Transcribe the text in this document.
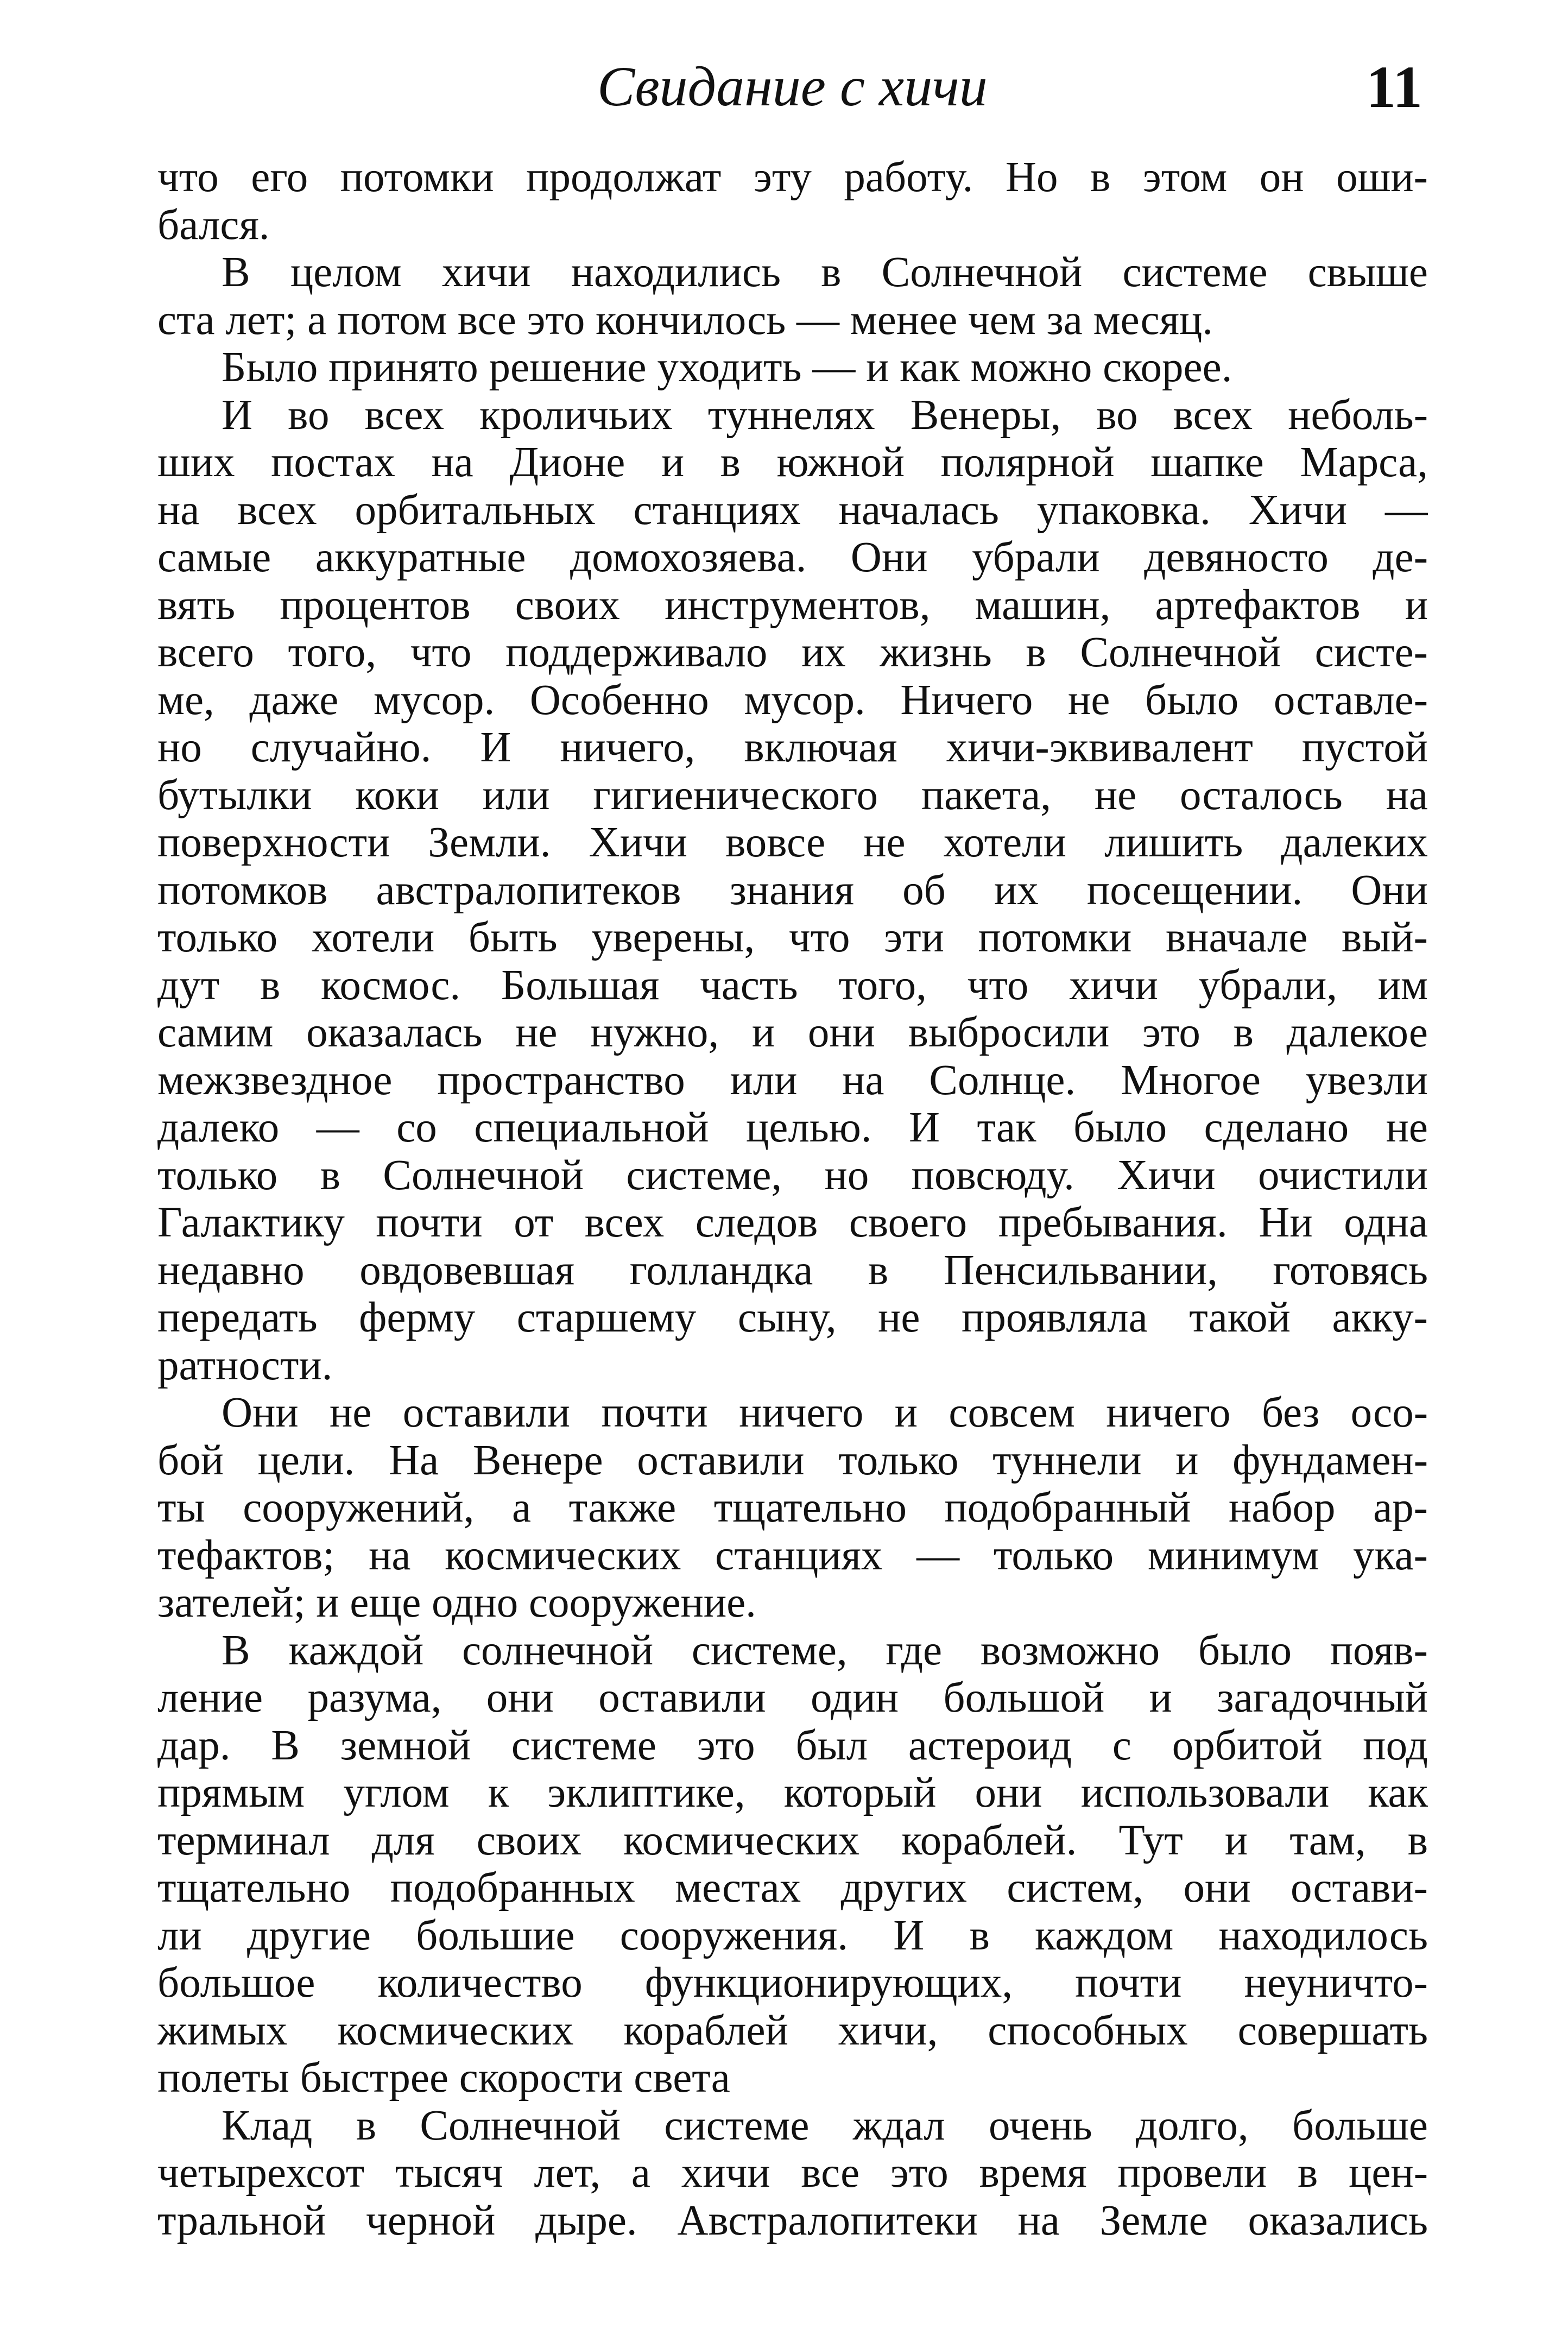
Свидание с хичи	11
что его потомки продолжат эту работу. Но в этом он оши-
бался.
В целом хичи находились в Солнечной системе свыше
ста лет; а потом все это кончилось — менее чем за месяц.
Было принято решение уходить — и как можно скорее.
И во всех кроличьих туннелях Венеры, во всех неболь-
ших постах на Дионе и в южной полярной шапке Марса,
на всех орбитальных станциях началась упаковка. Хичи —
самые аккуратные домохозяева. Они убрали девяносто де-
вять процентов своих инструментов, машин, артефактов и
всего того, что поддерживало их жизнь в Солнечной систе-
ме, даже мусор. Особенно мусор. Ничего не было оставле-
но случайно. И ничего, включая хичи-эквивалент пустой
бутылки коки или гигиенического пакета, не осталось на
поверхности Земли. Хичи вовсе не хотели лишить далеких
потомков австралопитеков знания об их посещении. Они
только хотели быть уверены, что эти потомки вначале вый-
дут в космос. Большая часть того, что хичи убрали, им
самим оказалась не нужно, и они выбросили это в далекое
межзвездное пространство или на Солнце. Многое увезли
далеко — со специальной целью. И так было сделано не
только в Солнечной системе, но повсюду. Хичи очистили
Галактику почти от всех следов своего пребывания. Ни одна
недавно овдовевшая голландка в Пенсильвании, готовясь
передать ферму старшему сыну, не проявляла такой акку-
ратности.
Они не оставили почти ничего и совсем ничего без осо-
бой цели. На Венере оставили только туннели и фундамен-
ты сооружений, а также тщательно подобранный набор ар-
тефактов; на космических станциях — только минимум ука-
зателей; и еще одно сооружение.
В каждой солнечной системе, где возможно было появ-
ление разума, они оставили один большой и загадочный
дар. В земной системе это был астероид с орбитой под
прямым углом к эклиптике, который они использовали как
терминал для своих космических кораблей. Тут и там, в
тщательно подобранных местах других систем, они остави-
ли другие большие сооружения. И в каждом находилось
большое количество функционирующих, почти неуничто-
жимых космических кораблей хичи, способных совершать
полеты быстрее скорости света
Клад в Солнечной системе ждал очень долго, больше
четырехсот тысяч лет, а хичи все это время провели в цен-
тральной черной дыре. Австралопитеки на Земле оказались
